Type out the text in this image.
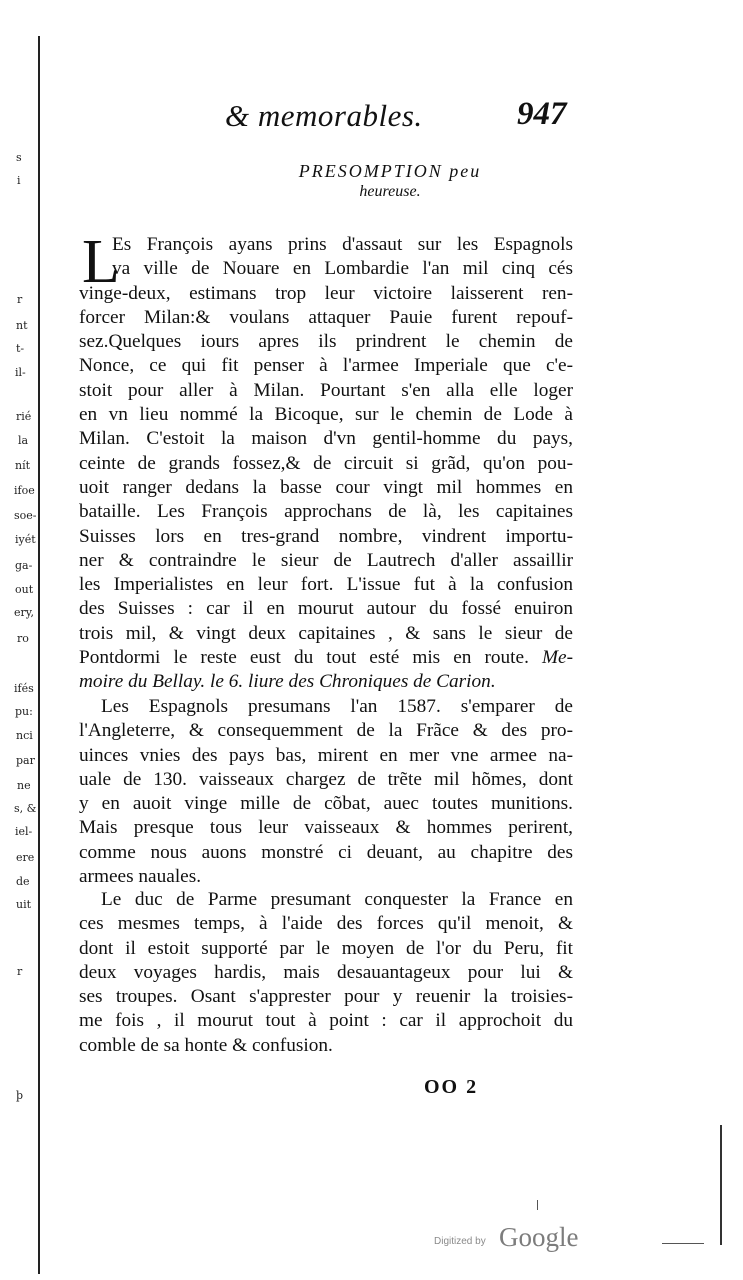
s
i
r
nt
t-
il-
rié
la
nít
ifoe
soe-
iyét
ga-
out
ery,
ro
ifés
pu:
nci
par
ne
s, &
iel-
ere
de
uit
r
þ
& memorables.	947
PRESOMPTION peu
heureuse.
L
Es François ayans prins d'assaut sur les Espagnols
va ville de Nouare en Lombardie l'an mil cinq cés
vinge-deux, estimans trop leur victoire laisserent ren-
forcer Milan:& voulans attaquer Pauie furent repouf-
sez.Quelques iours apres ils prindrent le chemin de
Nonce, ce qui fit penser à l'armee Imperiale que c'e-
stoit pour aller à Milan. Pourtant s'en alla elle loger
en vn lieu nommé la Bicoque, sur le chemin de Lode à
Milan. C'estoit la maison d'vn gentil-homme du pays,
ceinte de grands fossez,& de circuit si grãd, qu'on pou-
uoit ranger dedans la basse cour vingt mil hommes en
bataille. Les François approchans de là, les capitaines
Suisses lors en tres-grand nombre, vindrent importu-
ner & contraindre le sieur de Lautrech d'aller assaillir
les Imperialistes en leur fort. L'issue fut à la confusion
des Suisses : car il en mourut autour du fossé enuiron
trois mil, & vingt deux capitaines , & sans le sieur de
Pontdormi le reste eust du tout esté mis en route. Me-
moire du Bellay. le 6. liure des Chroniques de Carion.
Les Espagnols presumans l'an 1587. s'emparer de
l'Angleterre, & consequemment de la Frãce & des pro-
uinces vnies des pays bas, mirent en mer vne armee na-
uale de 130. vaisseaux chargez de trẽte mil hõmes, dont
y en auoit vinge mille de cõbat, auec toutes munitions.
Mais presque tous leur vaisseaux & hommes perirent,
comme nous auons monstré ci deuant, au chapitre des
armees nauales.
Le duc de Parme presumant conquester la France en
ces mesmes temps, à l'aide des forces qu'il menoit, &
dont il estoit supporté par le moyen de l'or du Peru, fit
deux voyages hardis, mais desauantageux pour lui &
ses troupes. Osant s'apprester pour y reuenir la troisies-
me fois , il mourut tout à point : car il approchoit du
comble de sa honte & confusion.
OO 2
Digitized by Google
